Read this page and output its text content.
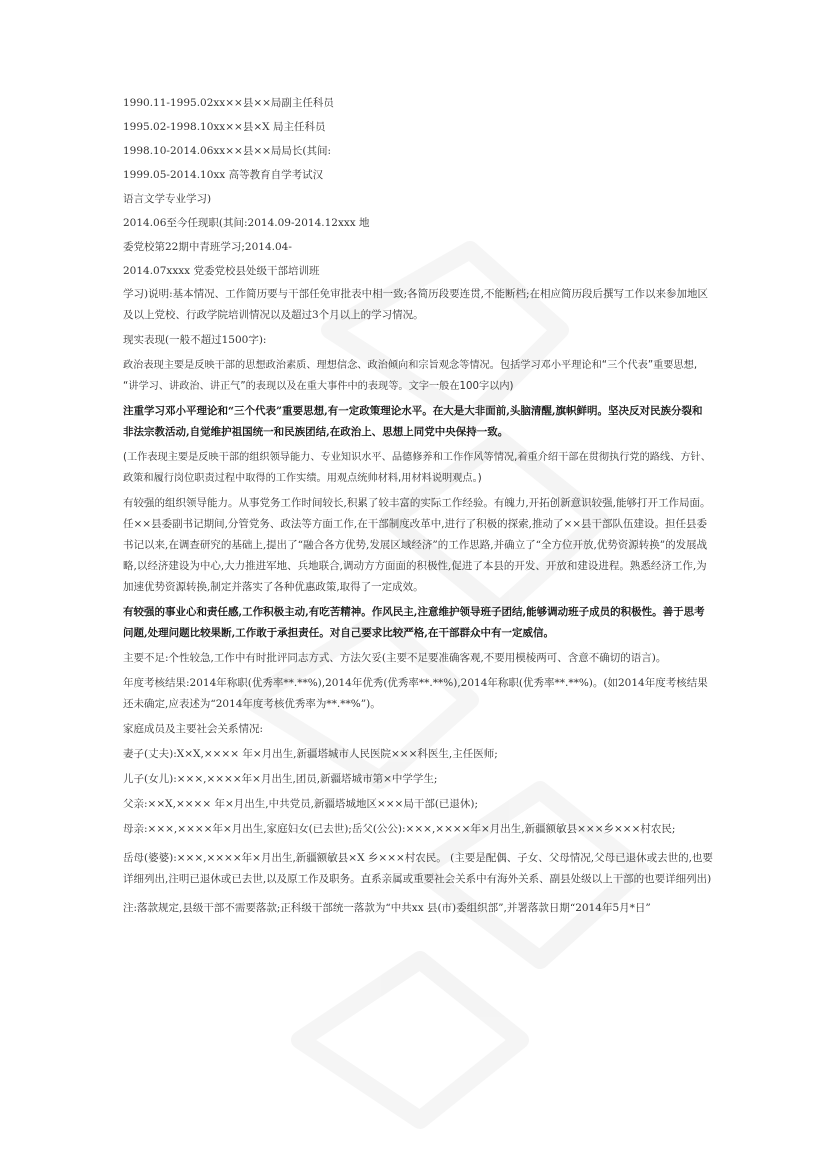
1990.11-1995.02xx××县××局副主任科员
1995.02-1998.10xx××县×X 局主任科员
1998.10-2014.06xx××县××局局长(其间:
1999.05-2014.10xx 高等教育自学考试汉
语言文学专业学习)
2014.06至今任现职(其间:2014.09-2014.12xxx 地
委党校第22期中青班学习;2014.04-
2014.07xxxx 党委党校县处级干部培训班

学习)说明:基本情况、工作简历要与干部任免审批表中相一致;各简历段要连贯,不能断档;在相应简历段后撰写工作以来参加地区及以上党校、行政学院培训情况以及超过3个月以上的学习情况。

现实表现(一般不超过1500字):

政治表现主要是反映干部的思想政治素质、理想信念、政治倾向和宗旨观念等情况。包括学习邓小平理论和“三个代表”重要思想, “讲学习、讲政治、讲正气”的表现以及在重大事件中的表现等。文字一般在100字以内)

注重学习邓小平理论和“三个代表”重要思想,有一定政策理论水平。在大是大非面前,头脑清醒,旗帜鲜明。坚决反对民族分裂和非法宗教活动,自觉维护祖国统一和民族团结,在政治上、思想上同党中央保持一致。

(工作表现主要是反映干部的组织领导能力、专业知识水平、品德修养和工作作风等情况,着重介绍干部在贯彻执行党的路线、方针、政策和履行岗位职责过程中取得的工作实绩。用观点统帅材料,用材料说明观点。)

有较强的组织领导能力。从事党务工作时间较长,积累了较丰富的实际工作经验。有魄力,开拓创新意识较强,能够打开工作局面。任××县委副书记期间,分管党务、政法等方面工作,在干部制度改革中,进行了积极的探索,推动了××县干部队伍建设。担任县委书记以来,在调查研究的基础上,提出了“融合各方优势,发展区域经济”的工作思路,并确立了“全方位开放,优势资源转换”的发展战略,以经济建设为中心,大力推进军地、兵地联合,调动方方面面的积极性,促进了本县的开发、开放和建设进程。熟悉经济工作,为加速优势资源转换,制定并落实了各种优惠政策,取得了一定成效。

有较强的事业心和责任感,工作积极主动,有吃苦精神。作风民主,注意维护领导班子团结,能够调动班子成员的积极性。善于思考问题,处理问题比较果断,工作敢于承担责任。对自己要求比较严格,在干部群众中有一定威信。

主要不足:个性较急,工作中有时批评同志方式、方法欠妥(主要不足要准确客观,不要用模棱两可、含意不确切的语言)。

年度考核结果:2014年称职(优秀率**.**%),2014年优秀(优秀率**.**%),2014年称职(优秀率**.**%)。(如2014年度考核结果还未确定,应表述为“2014年度考核优秀率为**.**%”)。

家庭成员及主要社会关系情况:

妻子(丈夫):X×X,×××× 年×月出生,新疆塔城市人民医院×××科医生,主任医师;

儿子(女儿):×××,××××年×月出生,团员,新疆塔城市第×中学学生;

父亲:××X,×××× 年×月出生,中共党员,新疆塔城地区×××局干部(已退休);

母亲:×××,××××年×月出生,家庭妇女(已去世);岳父(公公):×××,××××年×月出生,新疆额敏县×××乡×××村农民;

岳母(婆婆):×××,××××年×月出生,新疆额敏县×X 乡×××村农民。 (主要是配偶、子女、父母情况,父母已退休或去世的,也要详细列出,注明已退休或已去世,以及原工作及职务。直系亲属或重要社会关系中有海外关系、副县处级以上干部的也要详细列出)

注:落款规定,县级干部不需要落款;正科级干部统一落款为“中共xx 县(市)委组织部”,并署落款日期“2014年5月*日”
